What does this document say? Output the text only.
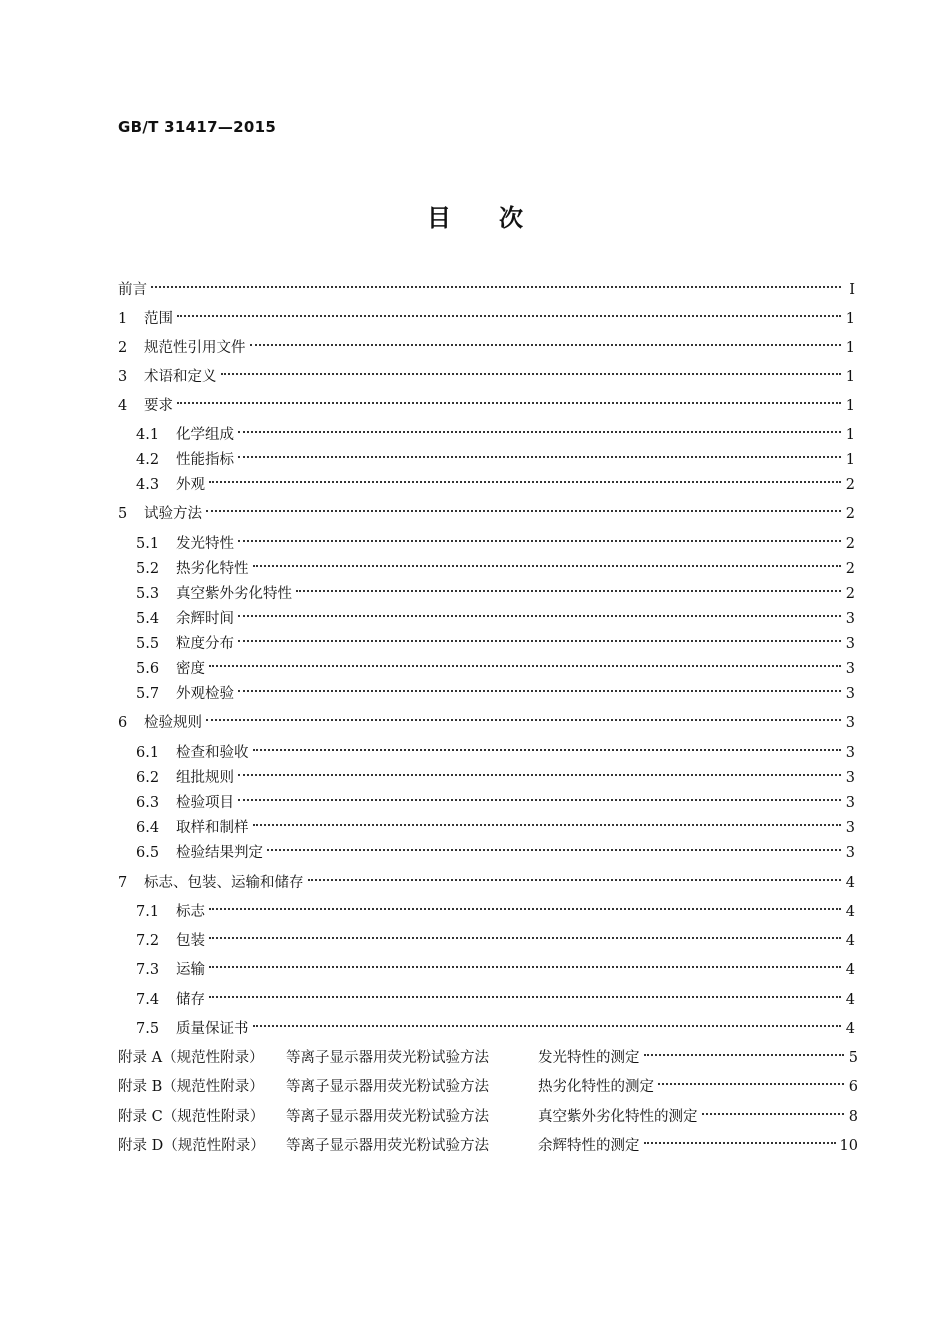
GB/T 31417—2015
目　　次
前言	Ⅰ
1	范围	1
2	规范性引用文件	1
3	术语和定义	1
4	要求	1
4.1	化学组成	1
4.2	性能指标	1
4.3	外观	2
5	试验方法	2
5.1	发光特性	2
5.2	热劣化特性	2
5.3	真空紫外劣化特性	2
5.4	余辉时间	3
5.5	粒度分布	3
5.6	密度	3
5.7	外观检验	3
6	检验规则	3
6.1	检查和验收	3
6.2	组批规则	3
6.3	检验项目	3
6.4	取样和制样	3
6.5	检验结果判定	3
7	标志、包装、运输和储存	4
7.1	标志	4
7.2	包装	4
7.3	运输	4
7.4	储存	4
7.5	质量保证书	4
附录 A（规范性附录）	等离子显示器用荧光粉试验方法	发光特性的测定	5
附录 B（规范性附录）	等离子显示器用荧光粉试验方法	热劣化特性的测定	6
附录 C（规范性附录）	等离子显示器用荧光粉试验方法	真空紫外劣化特性的测定	8
附录 D（规范性附录）	等离子显示器用荧光粉试验方法	余辉特性的测定	10
